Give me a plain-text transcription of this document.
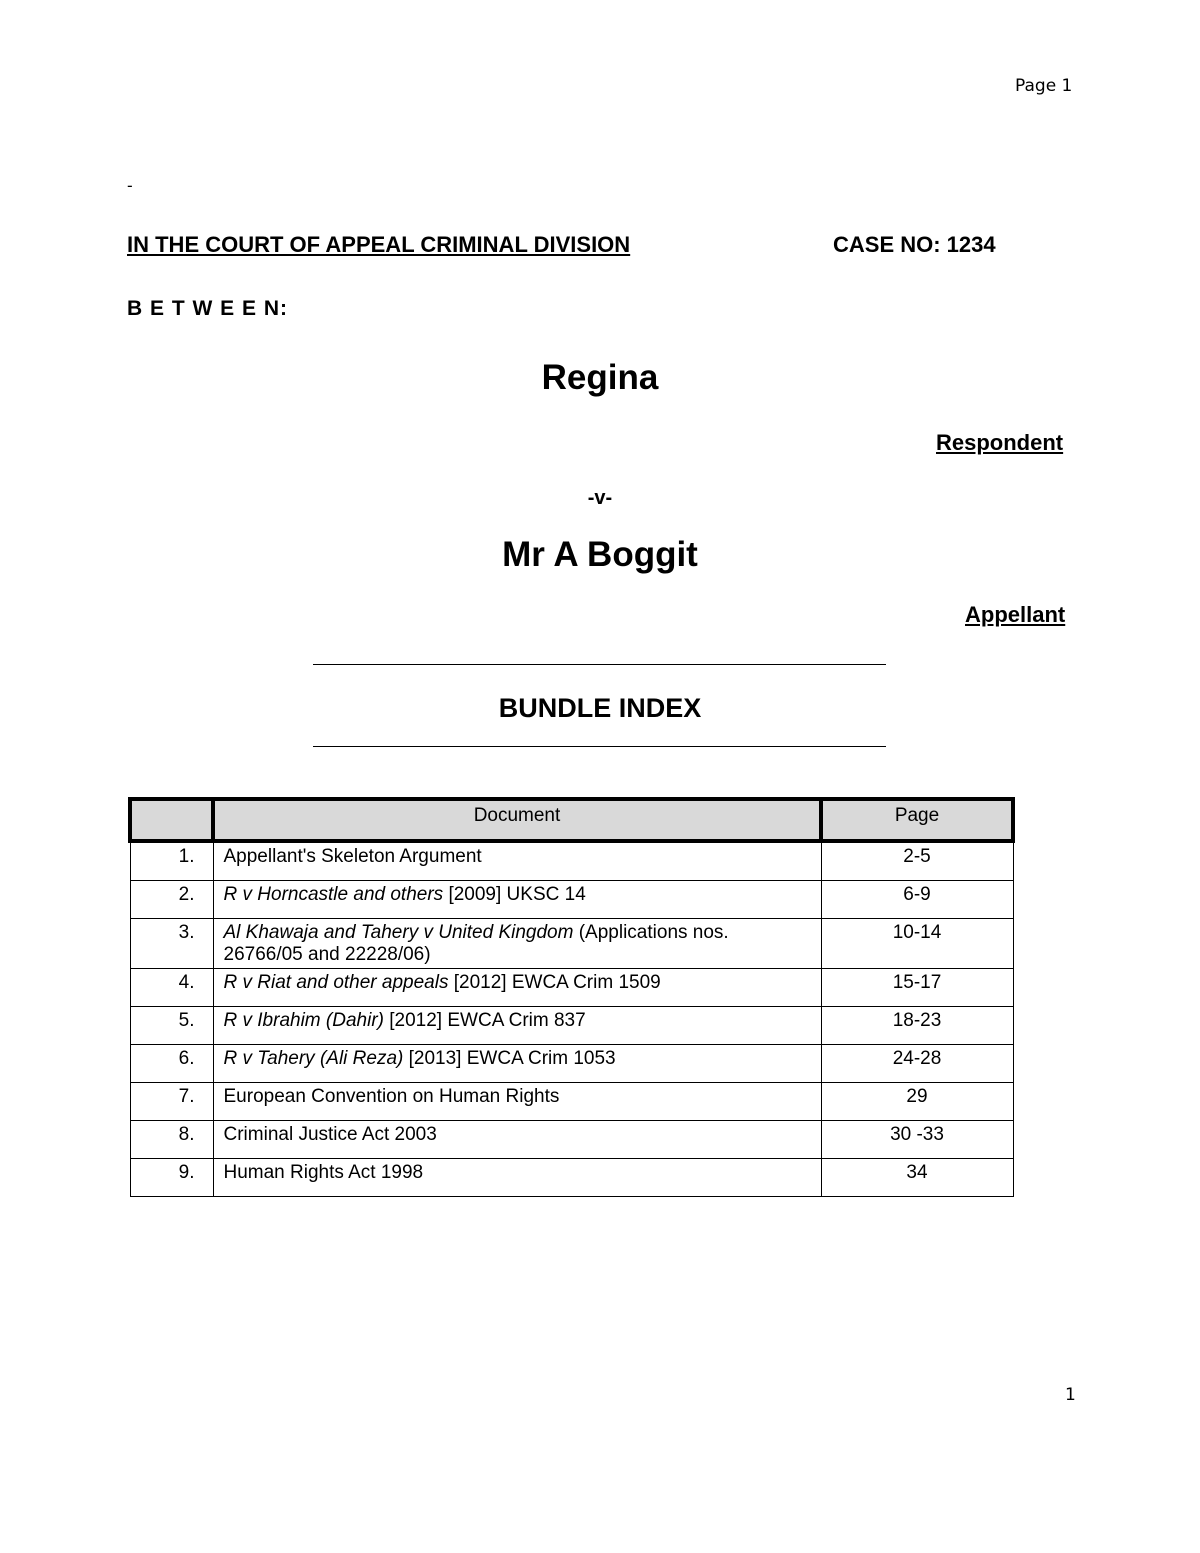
Page 1
-
IN THE COURT OF APPEAL CRIMINAL DIVISION	CASE NO: 1234
B E T W E E N:
Regina
Respondent
-v-
Mr A Boggit
Appellant
BUNDLE INDEX
	Document	Page
1.	Appellant's Skeleton Argument	2-5
2.	R v Horncastle and others [2009] UKSC 14	6-9
3.	Al Khawaja and Tahery v United Kingdom (Applications nos. 26766/05 and 22228/06)	10-14
4.	R v Riat and other appeals [2012] EWCA Crim 1509	15-17
5.	R v Ibrahim (Dahir) [2012] EWCA Crim 837	18-23
6.	R v Tahery (Ali Reza) [2013] EWCA Crim 1053	24-28
7.	European Convention on Human Rights	29
8.	Criminal Justice Act 2003	30 -33
9.	Human Rights Act 1998	34
1
